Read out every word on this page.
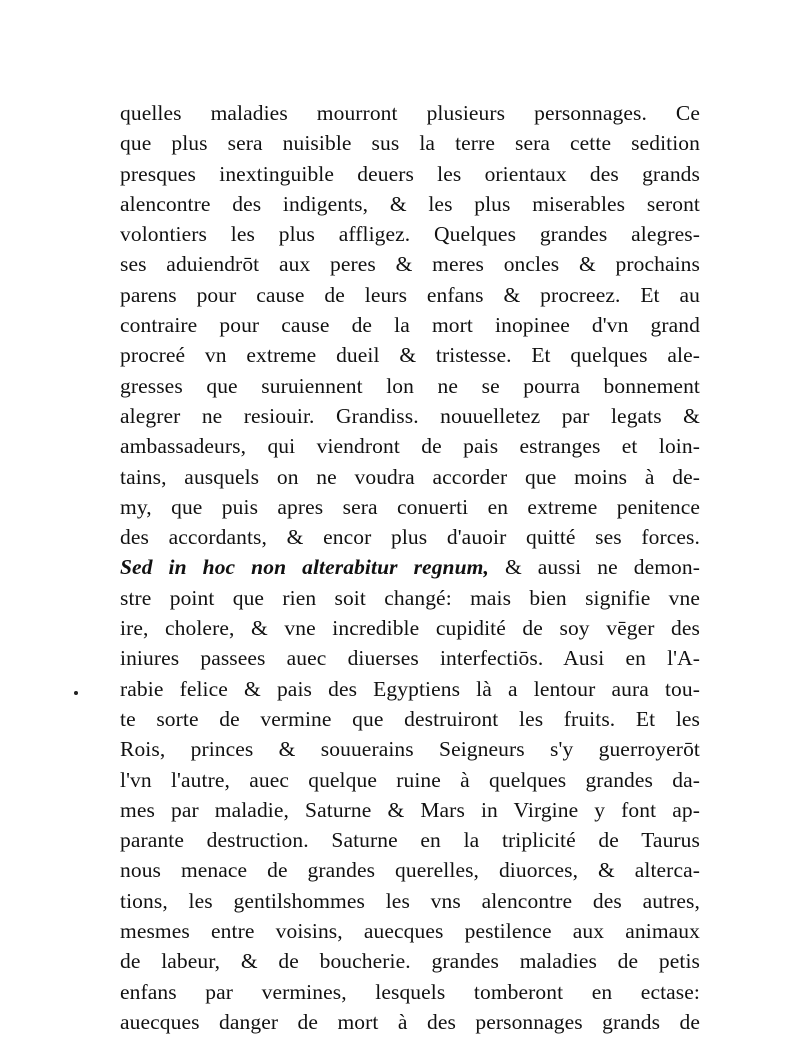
quelles maladies mourront plusieurs personnages. Ce
que plus sera nuisible sus la terre sera cette sedition
presques inextinguible deuers les orientaux des grands
alencontre des indigents, & les plus miserables seront
volontiers les plus affligez. Quelques grandes alegres-
ses aduiendrōt aux peres & meres oncles & prochains
parens pour cause de leurs enfans & procreez. Et au
contraire pour cause de la mort inopinee d'vn grand
procreé vn extreme dueil & tristesse. Et quelques ale-
gresses que suruiennent lon ne se pourra bonnement
alegrer ne resiouir. Grandiss. nouuelletez par legats &
ambassadeurs, qui viendront de pais estranges et loin-
tains, ausquels on ne voudra accorder que moins à de-
my, que puis apres sera conuerti en extreme penitence
des accordants, & encor plus d'auoir quitté ses forces.
Sed in hoc non alterabitur regnum, & aussi ne demon-
stre point que rien soit changé: mais bien signifie vne
ire, cholere, & vne incredible cupidité de soy vēger des
iniures passees auec diuerses interfectiōs. Ausi en l'A-
rabie felice & pais des Egyptiens là a lentour aura tou-
te sorte de vermine que destruiront les fruits. Et les
Rois, princes & souuerains Seigneurs s'y guerroyerōt
l'vn l'autre, auec quelque ruine à quelques grandes da-
mes par maladie, Saturne & Mars in Virgine y font ap-
parante destruction. Saturne en la triplicité de Taurus
nous menace de grandes querelles, diuorces, & alterca-
tions, les gentilshommes les vns alencontre des autres,
mesmes entre voisins, auecques pestilence aux animaux
de labeur, & de boucherie. grandes maladies de petis
enfans par vermines, lesquels tomberont en ectase:
auecques danger de mort à des personnages grands de
